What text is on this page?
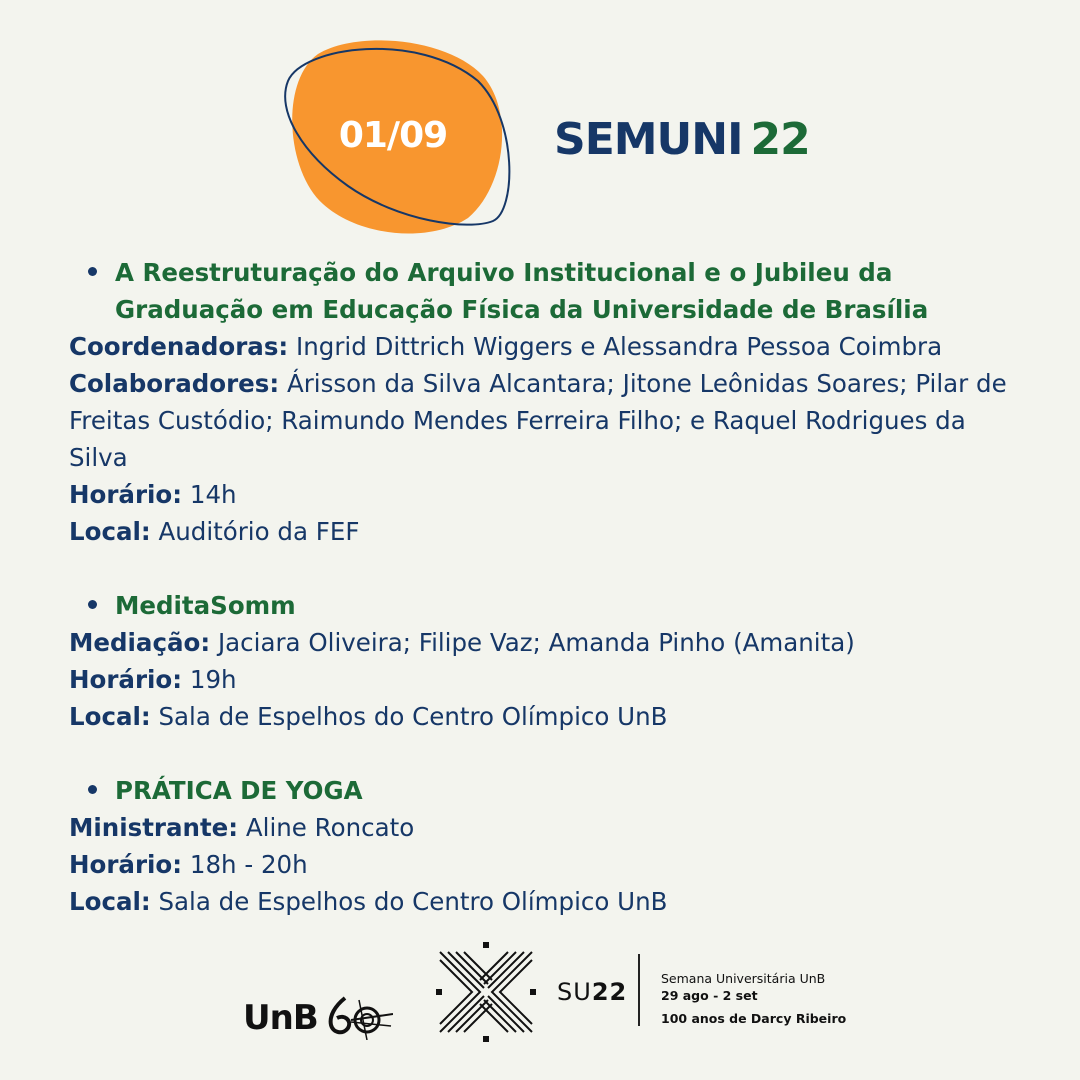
01/09	SEMUNI 22
A Reestruturação do Arquivo Institucional e o Jubileu da
Graduação em Educação Física da Universidade de Brasília
Coordenadoras: Ingrid Dittrich Wiggers e Alessandra Pessoa Coimbra
Colaboradores: Árisson da Silva Alcantara; Jitone Leônidas Soares; Pilar de Freitas Custódio; Raimundo Mendes Ferreira Filho; e Raquel Rodrigues da Silva
Horário: 14h
Local: Auditório da FEF
MeditaSomm
Mediação: Jaciara Oliveira; Filipe Vaz; Amanda Pinho (Amanita)
Horário: 19h
Local: Sala de Espelhos do Centro Olímpico UnB
PRÁTICA DE YOGA
Ministrante: Aline Roncato
Horário: 18h - 20h
Local: Sala de Espelhos do Centro Olímpico UnB
UnB
SU22	Semana Universitária UnB
29 ago - 2 set
100 anos de Darcy Ribeiro
